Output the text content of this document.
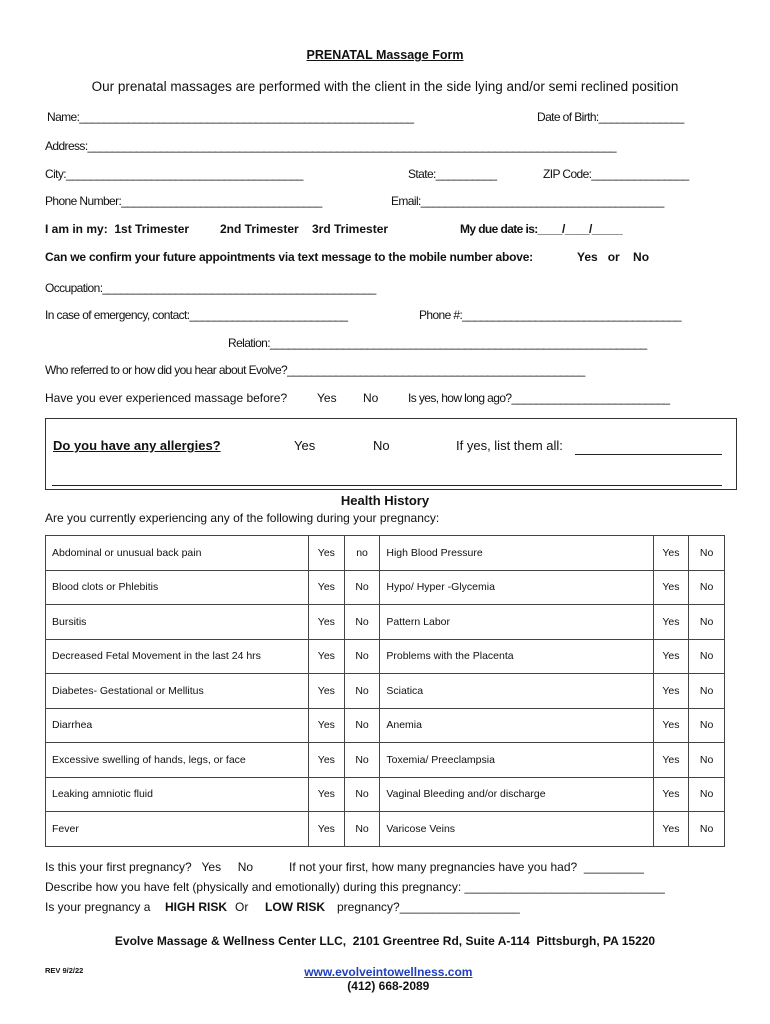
PRENATAL Massage Form
Our prenatal massages are performed with the client in the side lying and/or semi reclined position
Name:_______________________________________________________	Date of Birth:______________
Address:_______________________________________________________________________________________
City:_______________________________________	State:__________	ZIP Code:________________
Phone Number:_________________________________	Email:________________________________________
I am in my:  1st Trimester	2nd Trimester 3rd Trimester	My due date is:____/____/_____
Can we confirm your future appointments via text message to the mobile number above:	Yes   or    No
Occupation:_____________________________________________
In case of emergency, contact:__________________________	Phone #:____________________________________
Relation:______________________________________________________________
Who referred to or how did you hear about Evolve?_________________________________________________
Have you ever experienced massage before? Yes No Is yes, how long ago?__________________________
Do you have any allergies?	Yes	No	If yes, list them all:
Health History
Are you currently experiencing any of the following during your pregnancy:
Abdominal or unusual back pain	Yes	no	High Blood Pressure	Yes	No
Blood clots or Phlebitis	Yes	No	Hypo/ Hyper -Glycemia	Yes	No
Bursitis	Yes	No	Pattern Labor	Yes	No
Decreased Fetal Movement in the last 24 hrs	Yes	No	Problems with the Placenta	Yes	No
Diabetes- Gestational or Mellitus	Yes	No	Sciatica	Yes	No
Diarrhea	Yes	No	Anemia	Yes	No
Excessive swelling of hands, legs, or face	Yes	No	Toxemia/ Preeclampsia	Yes	No
Leaking amniotic fluid	Yes	No	Vaginal Bleeding and/or discharge	Yes	No
Fever	Yes	No	Varicose Veins	Yes	No
Is this your first pregnancy?   Yes     No	If not your first, how many pregnancies have you had?  _________
Describe how you have felt (physically and emotionally) during this pregnancy: ______________________________
Is your pregnancy a HIGH RISK Or LOW RISK pregnancy?__________________
Evolve Massage & Wellness Center LLC,  2101 Greentree Rd, Suite A-114  Pittsburgh, PA 15220

www.evolveintowellness.com
(412) 668-2089

REV 9/2/22
